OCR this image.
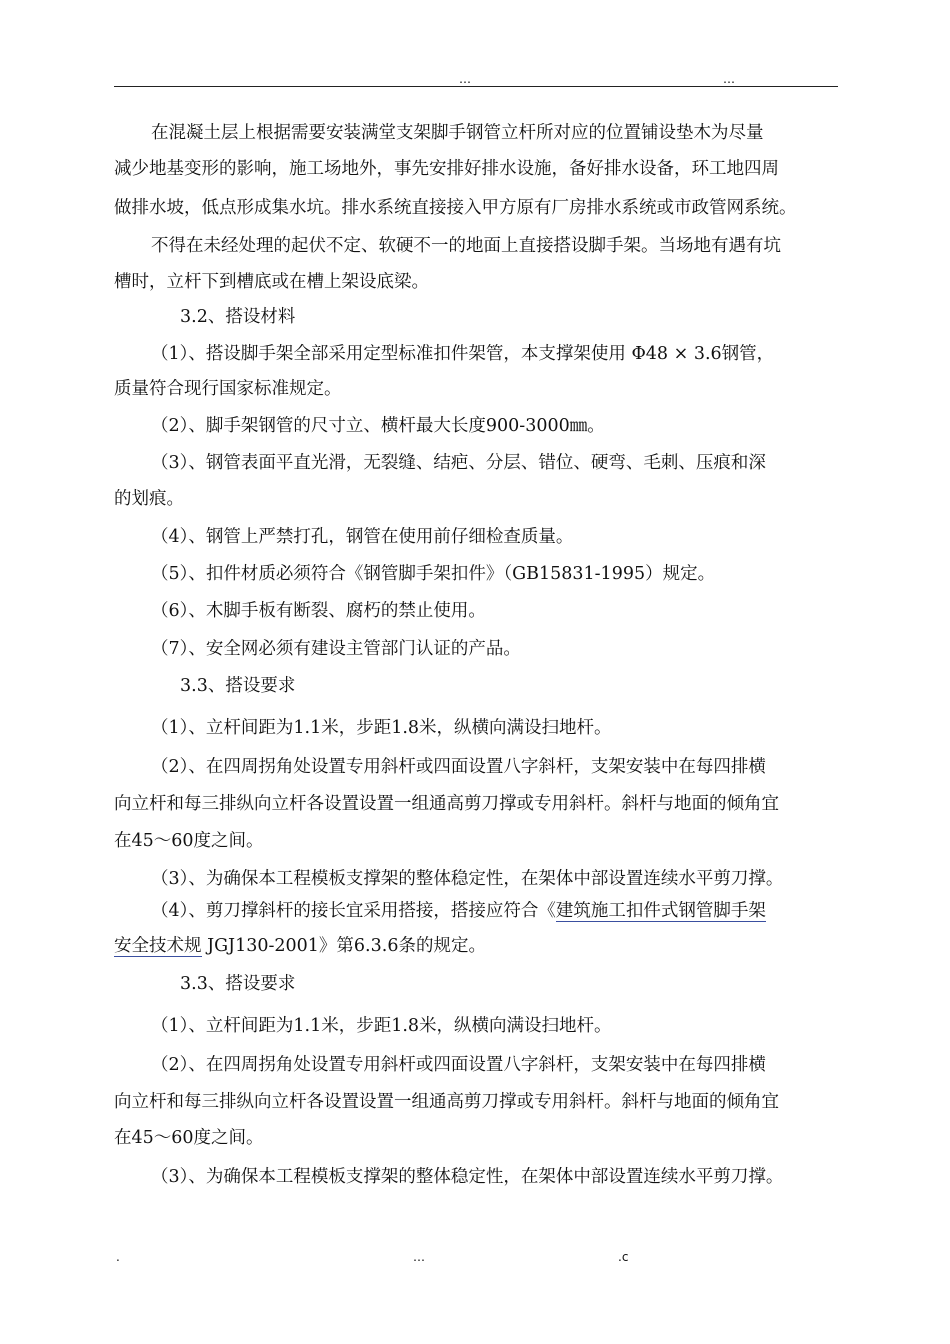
…	…
在混凝土层上根据需要安装满堂支架脚手钢管立杆所对应的位置铺设垫木为尽量
减少地基变形的影响，施工场地外，事先安排好排水设施，备好排水设备，环工地四周
做排水坡，低点形成集水坑。排水系统直接接入甲方原有厂房排水系统或市政管网系统。
不得在未经处理的起伏不定、软硬不一的地面上直接搭设脚手架。当场地有遇有坑
槽时，立杆下到槽底或在槽上架设底梁。
3.2、搭设材料
（1）、搭设脚手架全部采用定型标准扣件架管，本支撑架使用 Φ48 × 3.6钢管，
质量符合现行国家标准规定。
（2）、脚手架钢管的尺寸立、横杆最大长度900-3000㎜。
（3）、钢管表面平直光滑，无裂缝、结疤、分层、错位、硬弯、毛刺、压痕和深
的划痕。
（4）、钢管上严禁打孔，钢管在使用前仔细检查质量。
（5）、扣件材质必须符合《钢管脚手架扣件》（GB15831-1995）规定。
（6）、木脚手板有断裂、腐朽的禁止使用。
（7）、安全网必须有建设主管部门认证的产品。
3.3、搭设要求
（1）、立杆间距为1.1米，步距1.8米，纵横向满设扫地杆。
（2）、在四周拐角处设置专用斜杆或四面设置八字斜杆，支架安装中在每四排横
向立杆和每三排纵向立杆各设置设置一组通高剪刀撑或专用斜杆。斜杆与地面的倾角宜
在45～60度之间。
（3）、为确保本工程模板支撑架的整体稳定性，在架体中部设置连续水平剪刀撑。
（4）、剪刀撑斜杆的接长宜采用搭接，搭接应符合《建筑施工扣件式钢管脚手架
安全技术规 JGJ130-2001》第6.3.6条的规定。
3.3、搭设要求
（1）、立杆间距为1.1米，步距1.8米，纵横向满设扫地杆。
（2）、在四周拐角处设置专用斜杆或四面设置八字斜杆，支架安装中在每四排横
向立杆和每三排纵向立杆各设置设置一组通高剪刀撑或专用斜杆。斜杆与地面的倾角宜
在45～60度之间。
（3）、为确保本工程模板支撑架的整体稳定性，在架体中部设置连续水平剪刀撑。
.	…	.c
